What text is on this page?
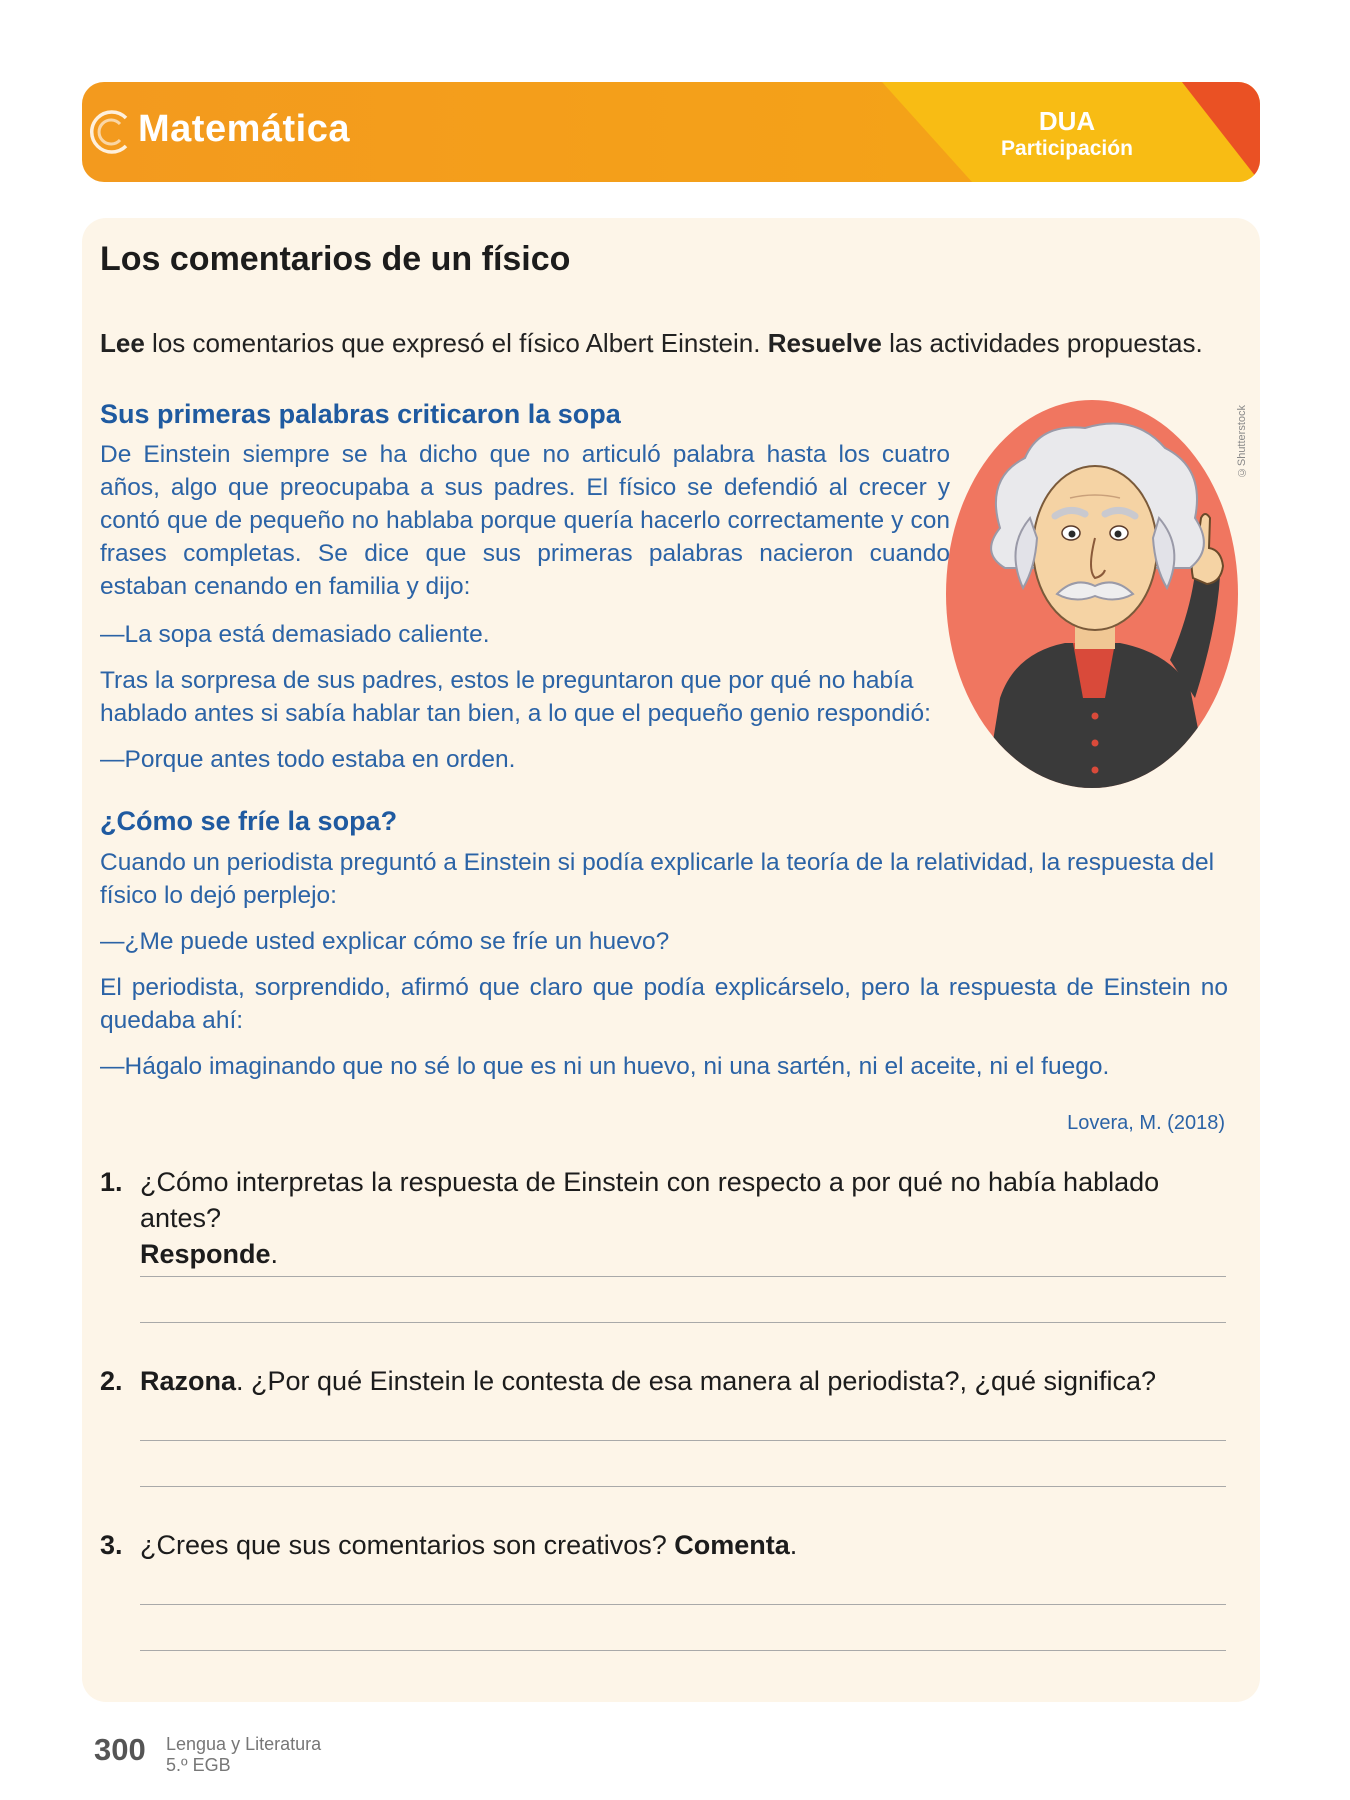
Matemática	DUA
Participación
Los comentarios de un físico
Lee los comentarios que expresó el físico Albert Einstein. Resuelve las actividades propuestas.
Sus primeras palabras criticaron la sopa
De Einstein siempre se ha dicho que no articuló palabra hasta los cuatro años, algo que preocupaba a sus padres. El físico se defendió al crecer y contó que de pequeño no hablaba porque quería hacerlo correctamente y con frases completas. Se dice que sus primeras palabras nacieron cuando estaban cenando en familia y dijo:
—La sopa está demasiado caliente.
Tras la sorpresa de sus padres, estos le preguntaron que por qué no había hablado antes si sabía hablar tan bien, a lo que el pequeño genio respondió:
—Porque antes todo estaba en orden.
©Shutterstock
¿Cómo se fríe la sopa?
Cuando un periodista preguntó a Einstein si podía explicarle la teoría de la relatividad, la respuesta del físico lo dejó perplejo:
—¿Me puede usted explicar cómo se fríe un huevo?
El periodista, sorprendido, afirmó que claro que podía explicárselo, pero la respuesta de Einstein no quedaba ahí:
—Hágalo imaginando que no sé lo que es ni un huevo, ni una sartén, ni el aceite, ni el fuego.
Lovera, M. (2018)
1. ¿Cómo interpretas la respuesta de Einstein con respecto a por qué no había hablado antes?
Responde.
2. Razona. ¿Por qué Einstein le contesta de esa manera al periodista?, ¿qué significa?
3. ¿Crees que sus comentarios son creativos? Comenta.
300 Lengua y Literatura
5.º EGB
